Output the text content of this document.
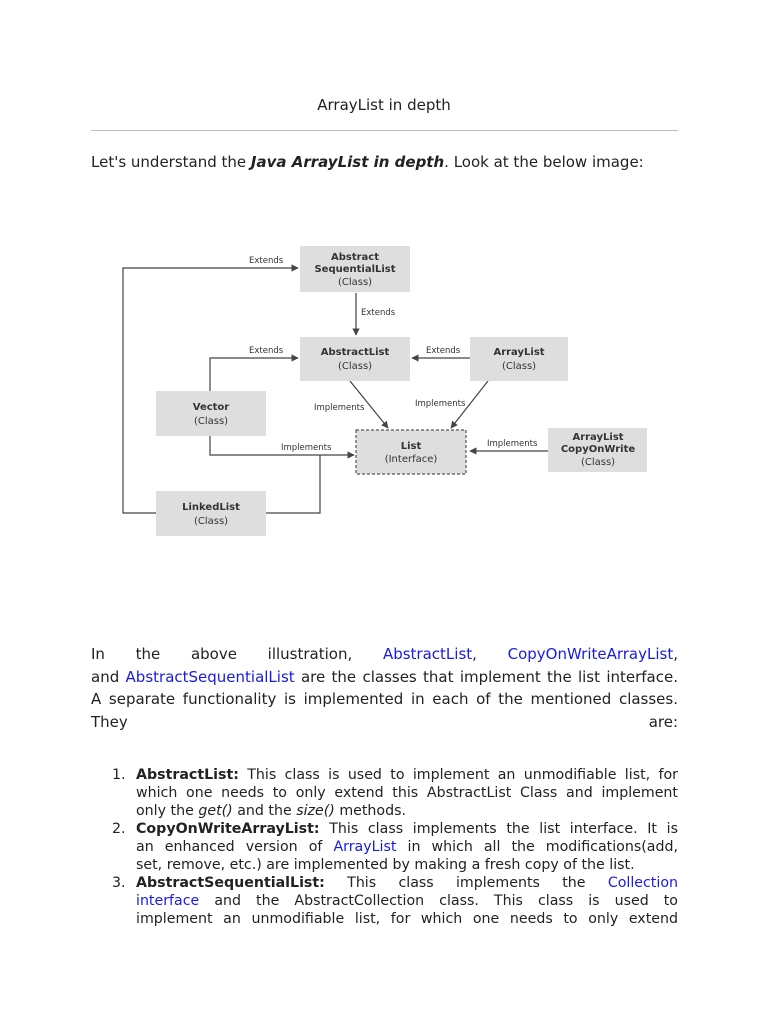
ArrayList in depth
Let's understand the Java ArrayList in depth. Look at the below image:
Abstract
SequentialList
(Class)
AbstractList
(Class)
ArrayList
(Class)
Vector
(Class)
List
(Interface)
ArrayList
CopyOnWrite
(Class)
LinkedList
(Class)
Extends
Extends
Extends	Extends
Implements	Implements
Implements	Implements
In the above illustration, AbstractList, CopyOnWriteArrayList,
and AbstractSequentialList are the classes that implement the list interface.
A separate functionality is implemented in each of the mentioned classes.
They	are:
1. AbstractList: This class is used to implement an unmodifiable list, for
which one needs to only extend this AbstractList Class and implement
only the get() and the size() methods.
2. CopyOnWriteArrayList: This class implements the list interface. It is
an enhanced version of ArrayList in which all the modifications(add,
set, remove, etc.) are implemented by making a fresh copy of the list.
3. AbstractSequentialList: This class implements the Collection
interface and the AbstractCollection class. This class is used to
implement an unmodifiable list, for which one needs to only extend
